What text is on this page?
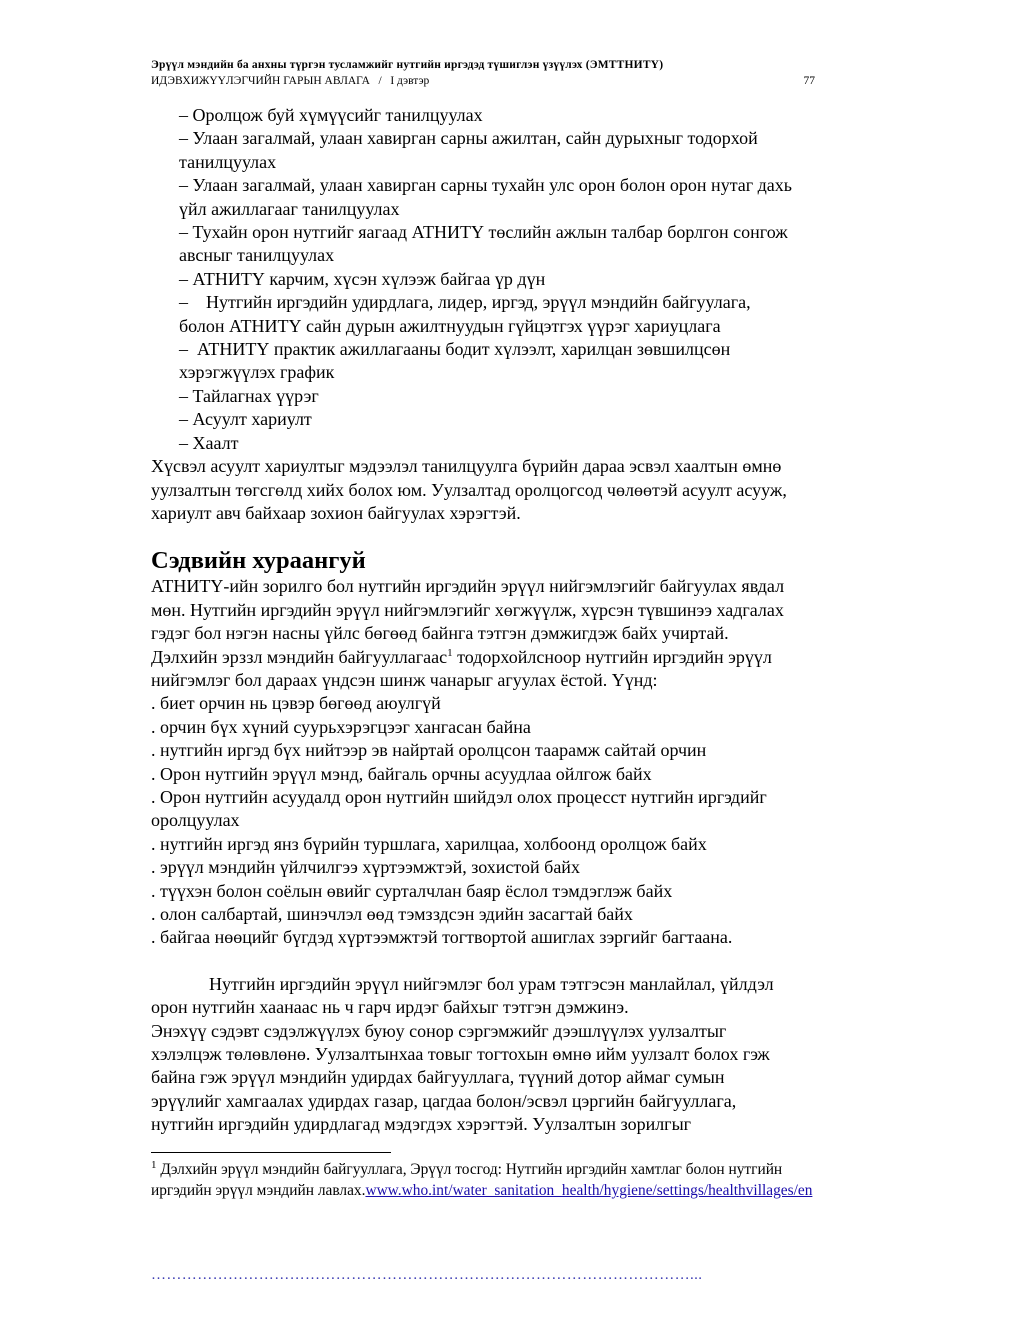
Эрүүл мэндийн ба анхны түргэн тусламжийг нутгийн иргэдэд түшиглэн үзүүлэх (ЭМТТНИТҮ)
ИДЭВХИЖҮҮЛЭГЧИЙН ГАРЫН АВЛАГА   /   I дэвтэр	77
– Оролцож буй хүмүүсийг танилцуулах
– Улаан загалмай, улаан хавирган сарны ажилтан, сайн дурыхныг тодорхой
танилцуулах
– Улаан загалмай, улаан хавирган сарны тухайн улс орон болон орон нутаг дахь
үйл ажиллагааг танилцуулах
– Тухайн орон нутгийг яагаад АТНИТҮ төслийн ажлын талбар борлгон сонгож
авсныг танилцуулах
– АТНИТҮ карчим, хүсэн хүлээж байгаа үр дүн
–    Нутгийн иргэдийн удирдлага, лидер, иргэд, эрүүл мэндийн байгуулага,
болон АТНИТҮ сайн дурын ажилтнуудын гүйцэтгэх үүрэг хариуцлага
–  АТНИТҮ практик ажиллагааны бодит хүлээлт, харилцан зөвшилцсөн
хэрэгжүүлэх график
– Тайлагнах үүрэг
– Асуулт хариулт
– Хаалт
Хүсвэл асуулт хариултыг мэдээлэл танилцуулга бүрийн дараа эсвэл хаалтын өмнө
уулзалтын төгсгөлд хийх болох юм. Уулзалтад оролцогсод чөлөөтэй асуулт асууж,
хариулт авч байхаар зохион байгуулах хэрэгтэй.
Сэдвийн хураангуй
АТНИТҮ-ийн зорилго бол нутгийн иргэдийн эрүүл нийгэмлэгийг байгуулах явдал
мөн. Нутгийн иргэдийн эрүүл нийгэмлэгийг хөгжүүлж, хүрсэн түвшинээ хадгалах
гэдэг бол нэгэн насны үйлс бөгөөд байнга тэтгэн дэмжигдэж байх учиртай.
Дэлхийн эрззл мэндийн байгууллагаас$^1$ тодорхойлсноор нутгийн иргэдийн эрүүл
нийгэмлэг бол дараах үндсэн шинж чанарыг агуулах ёстой. Үүнд:
. биет орчин нь цэвэр бөгөөд аюулгүй
. орчин бүх хүний суурьхэрэгцээг хангасан байна
. нутгийн иргэд бүх нийтээр эв найртай оролцсон таарамж сайтай орчин
. Орон нутгийн эрүүл мэнд, байгаль орчны асуудлаа ойлгож байх
. Орон нутгийн асуудалд орон нутгийн шийдэл олох процесст нутгийн иргэдийг
оролцуулах
. нутгийн иргэд янз бүрийн туршлага, харилцаа, холбоонд оролцож байх
. эрүүл мэндийн үйлчилгээ хүртээмжтэй, зохистой байх
. түүхэн болон соёлын өвийг сурталчлан баяр ёслол тэмдэглэж байх
. олон салбартай, шинэчлэл өөд тэмзздсэн эдийн засагтай байх
. байгаа нөөцийг бүгдэд хүртээмжтэй тогтвортой ашиглах зэргийг багтаана.
Нутгийн иргэдийн эрүүл нийгэмлэг бол урам тэтгэсэн манлайлал, үйлдэл
орон нутгийн хаанаас нь ч гарч ирдэг байхыг тэтгэн дэмжинэ.
Энэхүү сэдэвт сэдэлжүүлэх буюу сонор сэргэмжийг дээшлүүлэх уулзалтыг
хэлэлцэж төлөвлөнө. Уулзалтынхаа товыг тогтохын өмнө ийм уулзалт болох гэж
байна гэж эрүүл мэндийн удирдах байгууллага, түүний дотор аймаг сумын
эрүүлийг хамгаалах удирдах газар, цагдаа болон/эсвэл цэргийн байгууллага,
нутгийн иргэдийн удирдлагад мэдэгдэх хэрэгтэй. Уулзалтын зорилгыг
$^1$ Дэлхийн эрүүл мэндийн байгууллага, Эрүүл тосгод: Нутгийн иргэдийн хамтлаг болон нутгийн
иргэдийн эрүүл мэндийн лавлах.www.who.int/water_sanitation_health/hygiene/settings/healthvillages/en
……………………………………………………………………………………………...
